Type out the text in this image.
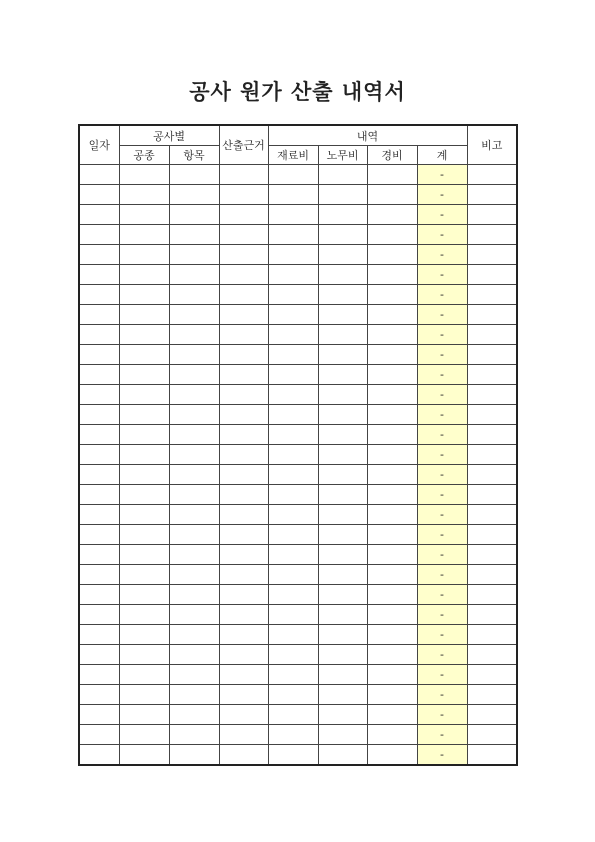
공사 원가 산출 내역서
일자	공사별		산출근거	내역				비고
	공종	항목		재료비	노무비	경비	계	
							-	
							-	
							-	
							-	
							-	
							-	
							-	
							-	
							-	
							-	
							-	
							-	
							-	
							-	
							-	
							-	
							-	
							-	
							-	
							-	
							-	
							-	
							-	
							-	
							-	
							-	
							-	
							-	
							-	
							-	
